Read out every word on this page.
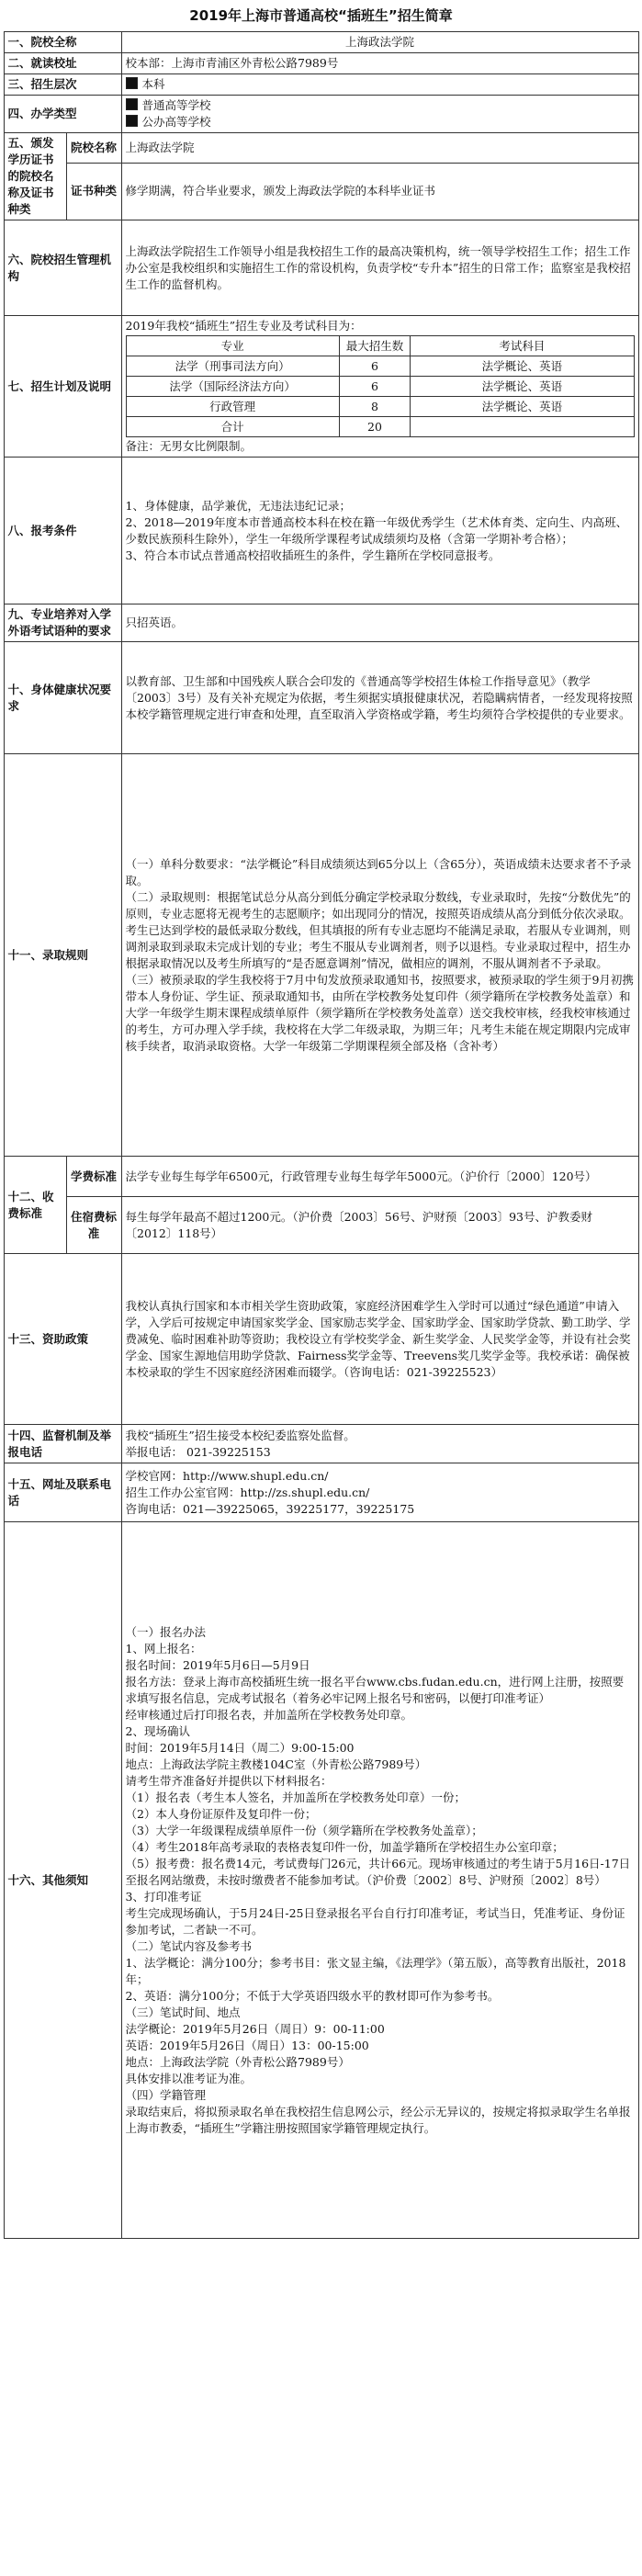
2019年上海市普通高校“插班生”招生简章
一、院校全称	上海政法学院
二、就读校址	校本部：上海市青浦区外青松公路7989号
三、招生层次	本科
四、办学类型	
普通高等学校
公办高等学校

五、颁发学历证书的院校名称及证书种类	院校名称	上海政法学院
证书种类	修学期满，符合毕业要求，颁发上海政法学院的本科毕业证书
六、院校招生管理机构	上海政法学院招生工作领导小组是我校招生工作的最高决策机构，统一领导学校招生工作；招生工作办公室是我校组织和实施招生工作的常设机构，负责学校“专升本”招生的日常工作；监察室是我校招生工作的监督机构。
七、招生计划及说明	

2019年我校“插班生”招生专业及考试科目为：

专业	最大招生数	考试科目
法学（刑事司法方向）	6	法学概论、英语
法学（国际经济法方向）	6	法学概论、英语
行政管理	8	法学概论、英语
合计	20	

备注：无男女比例限制。

八、报考条件	

1、身体健康，品学兼优，无违法违纪记录；

2、2018—2019年度本市普通高校本科在校在籍一年级优秀学生（艺术体育类、定向生、内高班、少数民族预科生除外），学生一年级所学课程考试成绩须均及格（含第一学期补考合格）；

3、符合本市试点普通高校招收插班生的条件，学生籍所在学校同意报考。

九、专业培养对入学外语考试语种的要求	只招英语。
十、身体健康状况要求	以教育部、卫生部和中国残疾人联合会印发的《普通高等学校招生体检工作指导意见》（教学〔2003〕3号）及有关补充规定为依据，考生须据实填报健康状况，若隐瞒病情者，一经发现将按照本校学籍管理规定进行审查和处理，直至取消入学资格或学籍，考生均须符合学校提供的专业要求。
十一、录取规则	

（一）单科分数要求：“法学概论”科目成绩须达到65分以上（含65分），英语成绩未达要求者不予录取。

（二）录取规则：根据笔试总分从高分到低分确定学校录取分数线，专业录取时，先按“分数优先”的原则，专业志愿将无视考生的志愿顺序；如出现同分的情况，按照英语成绩从高分到低分依次录取。

考生已达到学校的最低录取分数线，但其填报的所有专业志愿均不能满足录取，若服从专业调剂，则调剂录取到录取未完成计划的专业；考生不服从专业调剂者，则予以退档。专业录取过程中，招生办根据录取情况以及考生所填写的“是否愿意调剂”情况，做相应的调剂，不服从调剂者不予录取。

（三）被预录取的学生我校将于7月中旬发放预录取通知书，按照要求，被预录取的学生须于9月初携带本人身份证、学生证、预录取通知书，由所在学校教务处复印件（须学籍所在学校教务处盖章）和大学一年级学生期末课程成绩单原件（须学籍所在学校教务处盖章）送交我校审核，经我校审核通过的考生，方可办理入学手续，我校将在大学二年级录取，为期三年；凡考生未能在规定期限内完成审核手续者，取消录取资格。大学一年级第二学期课程须全部及格（含补考）

十二、收费标准	学费标准	法学专业每生每学年6500元，行政管理专业每生每学年5000元。（沪价行〔2000〕120号）
住宿费标准	每生每学年最高不超过1200元。（沪价费〔2003〕56号、沪财预〔2003〕93号、沪教委财〔2012〕118号）
十三、资助政策	我校认真执行国家和本市相关学生资助政策，家庭经济困难学生入学时可以通过“绿色通道”申请入学，入学后可按规定申请国家奖学金、国家励志奖学金、国家助学金、国家助学贷款、勤工助学、学费减免、临时困难补助等资助；我校设立有学校奖学金、新生奖学金、人民奖学金等，并设有社会奖学金、国家生源地信用助学贷款、Fairness奖学金等、Treevens奖几奖学金等。我校承诺：确保被本校录取的学生不因家庭经济困难而辍学。（咨询电话：021-39225523）
十四、监督机制及举报电话	

我校“插班生”招生接受本校纪委监察处监督。

举报电话： 021-39225153

十五、网址及联系电话	

学校官网：http://www.shupl.edu.cn/

招生工作办公室官网：http://zs.shupl.edu.cn/

咨询电话：021—39225065，39225177，39225175

十六、其他须知	

（一）报名办法

1、网上报名：

报名时间：2019年5月6日—5月9日

报名方法：登录上海市高校插班生统一报名平台www.cbs.fudan.edu.cn，进行网上注册，按照要求填写报名信息，完成考试报名（着务必牢记网上报名号和密码，以便打印准考证）

经审核通过后打印报名表，并加盖所在学校教务处印章。

2、现场确认

时间：2019年5月14日（周二）9:00-15:00

地点：上海政法学院主教楼104C室（外青松公路7989号）

请考生带齐准备好并提供以下材料报名：

（1）报名表（考生本人签名，并加盖所在学校教务处印章）一份；

（2）本人身份证原件及复印件一份；

（3）大学一年级课程成绩单原件一份（须学籍所在学校教务处盖章）；

（4）考生2018年高考录取的表格表复印件一份，加盖学籍所在学校招生办公室印章；

（5）报考费：报名费14元，考试费每门26元，共计66元。现场审核通过的考生请于5月16日-17日至报名网站缴费，未按时缴费者不能参加考试。（沪价费〔2002〕8号、沪财预〔2002〕8号）

3、打印准考证

考生完成现场确认，于5月24日-25日登录报名平台自行打印准考证，考试当日，凭准考证、身份证参加考试，二者缺一不可。

（二）笔试内容及参考书

1、法学概论：满分100分；参考书目：张文显主编，《法理学》（第五版），高等教育出版社，2018年；

2、英语：满分100分；不低于大学英语四级水平的教材即可作为参考书。

（三）笔试时间、地点

法学概论：2019年5月26日（周日）9：00-11:00

英语：2019年5月26日（周日）13：00-15:00

地点：上海政法学院（外青松公路7989号）

具体安排以准考证为准。

（四）学籍管理

录取结束后，将拟预录取名单在我校招生信息网公示，经公示无异议的，按规定将拟录取学生名单报上海市教委，“插班生”学籍注册按照国家学籍管理规定执行。
